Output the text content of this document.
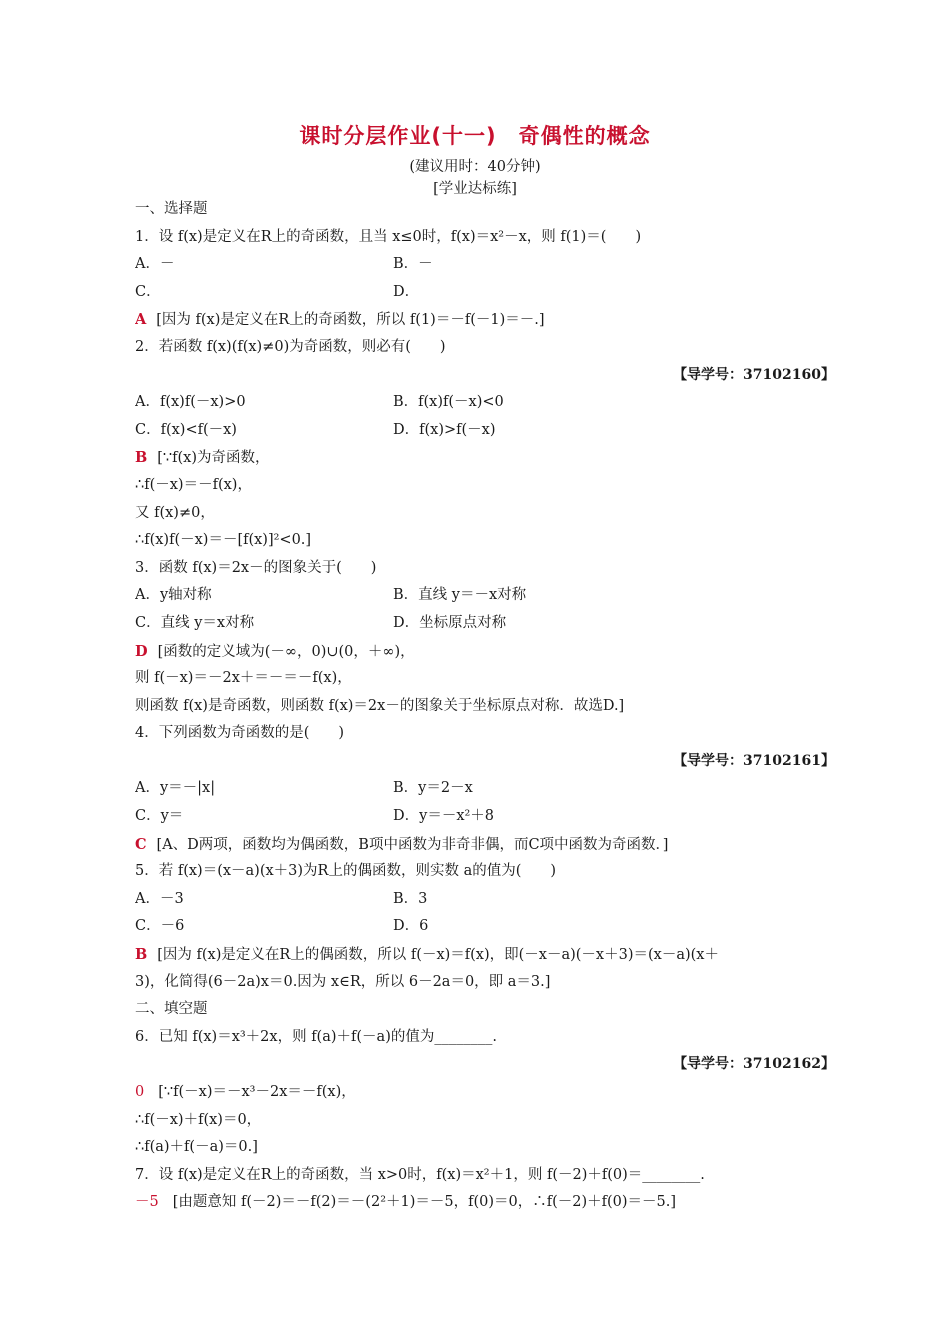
课时分层作业(十一)　奇偶性的概念
(建议用时：40分钟)
[学业达标练]
一、选择题
1．设 f(x)是定义在R上的奇函数，且当 x≤0时，f(x)＝x²－x，则 f(1)＝(　　)
A．－	B．－
C．	D．
A [因为 f(x)是定义在R上的奇函数，所以 f(1)＝－f(－1)＝－.]
2．若函数 f(x)(f(x)≠0)为奇函数，则必有(　　)
【导学号：37102160】
A．f(x)f(－x)>0	B．f(x)f(－x)<0
C．f(x)<f(－x)	D．f(x)>f(－x)
B [∵f(x)为奇函数，
∴f(－x)＝－f(x)，
又 f(x)≠0，
∴f(x)f(－x)＝－[f(x)]²<0.]
3．函数 f(x)＝2x－的图象关于(　　)
A．y轴对称	B．直线 y＝－x对称
C．直线 y＝x对称	D．坐标原点对称
D [函数的定义域为(－∞，0)∪(0，＋∞)，
则 f(－x)＝－2x＋＝－＝－f(x)，
则函数 f(x)是奇函数，则函数 f(x)＝2x－的图象关于坐标原点对称．故选D.]
4．下列函数为奇函数的是(　　)
【导学号：37102161】
A．y＝－|x|	B．y＝2－x
C．y＝	D．y＝－x²＋8
C [A、D两项，函数均为偶函数，B项中函数为非奇非偶，而C项中函数为奇函数．]
5．若 f(x)＝(x－a)(x＋3)为R上的偶函数，则实数 a的值为(　　)
A．－3	B．3
C．－6	D．6
B [因为 f(x)是定义在R上的偶函数，所以 f(－x)＝f(x)，即(－x－a)(－x＋3)＝(x－a)(x＋
3)，化简得(6－2a)x＝0.因为 x∈R，所以 6－2a＝0，即 a＝3.]
二、填空题
6．已知 f(x)＝x³＋2x，则 f(a)＋f(－a)的值为________.
【导学号：37102162】
0 [∵f(－x)＝－x³－2x＝－f(x)，
∴f(－x)＋f(x)＝0，
∴f(a)＋f(－a)＝0.]
7．设 f(x)是定义在R上的奇函数，当 x>0时，f(x)＝x²＋1，则 f(－2)＋f(0)＝________.
－5 [由题意知 f(－2)＝－f(2)＝－(2²＋1)＝－5，f(0)＝0，∴f(－2)＋f(0)＝－5.]
